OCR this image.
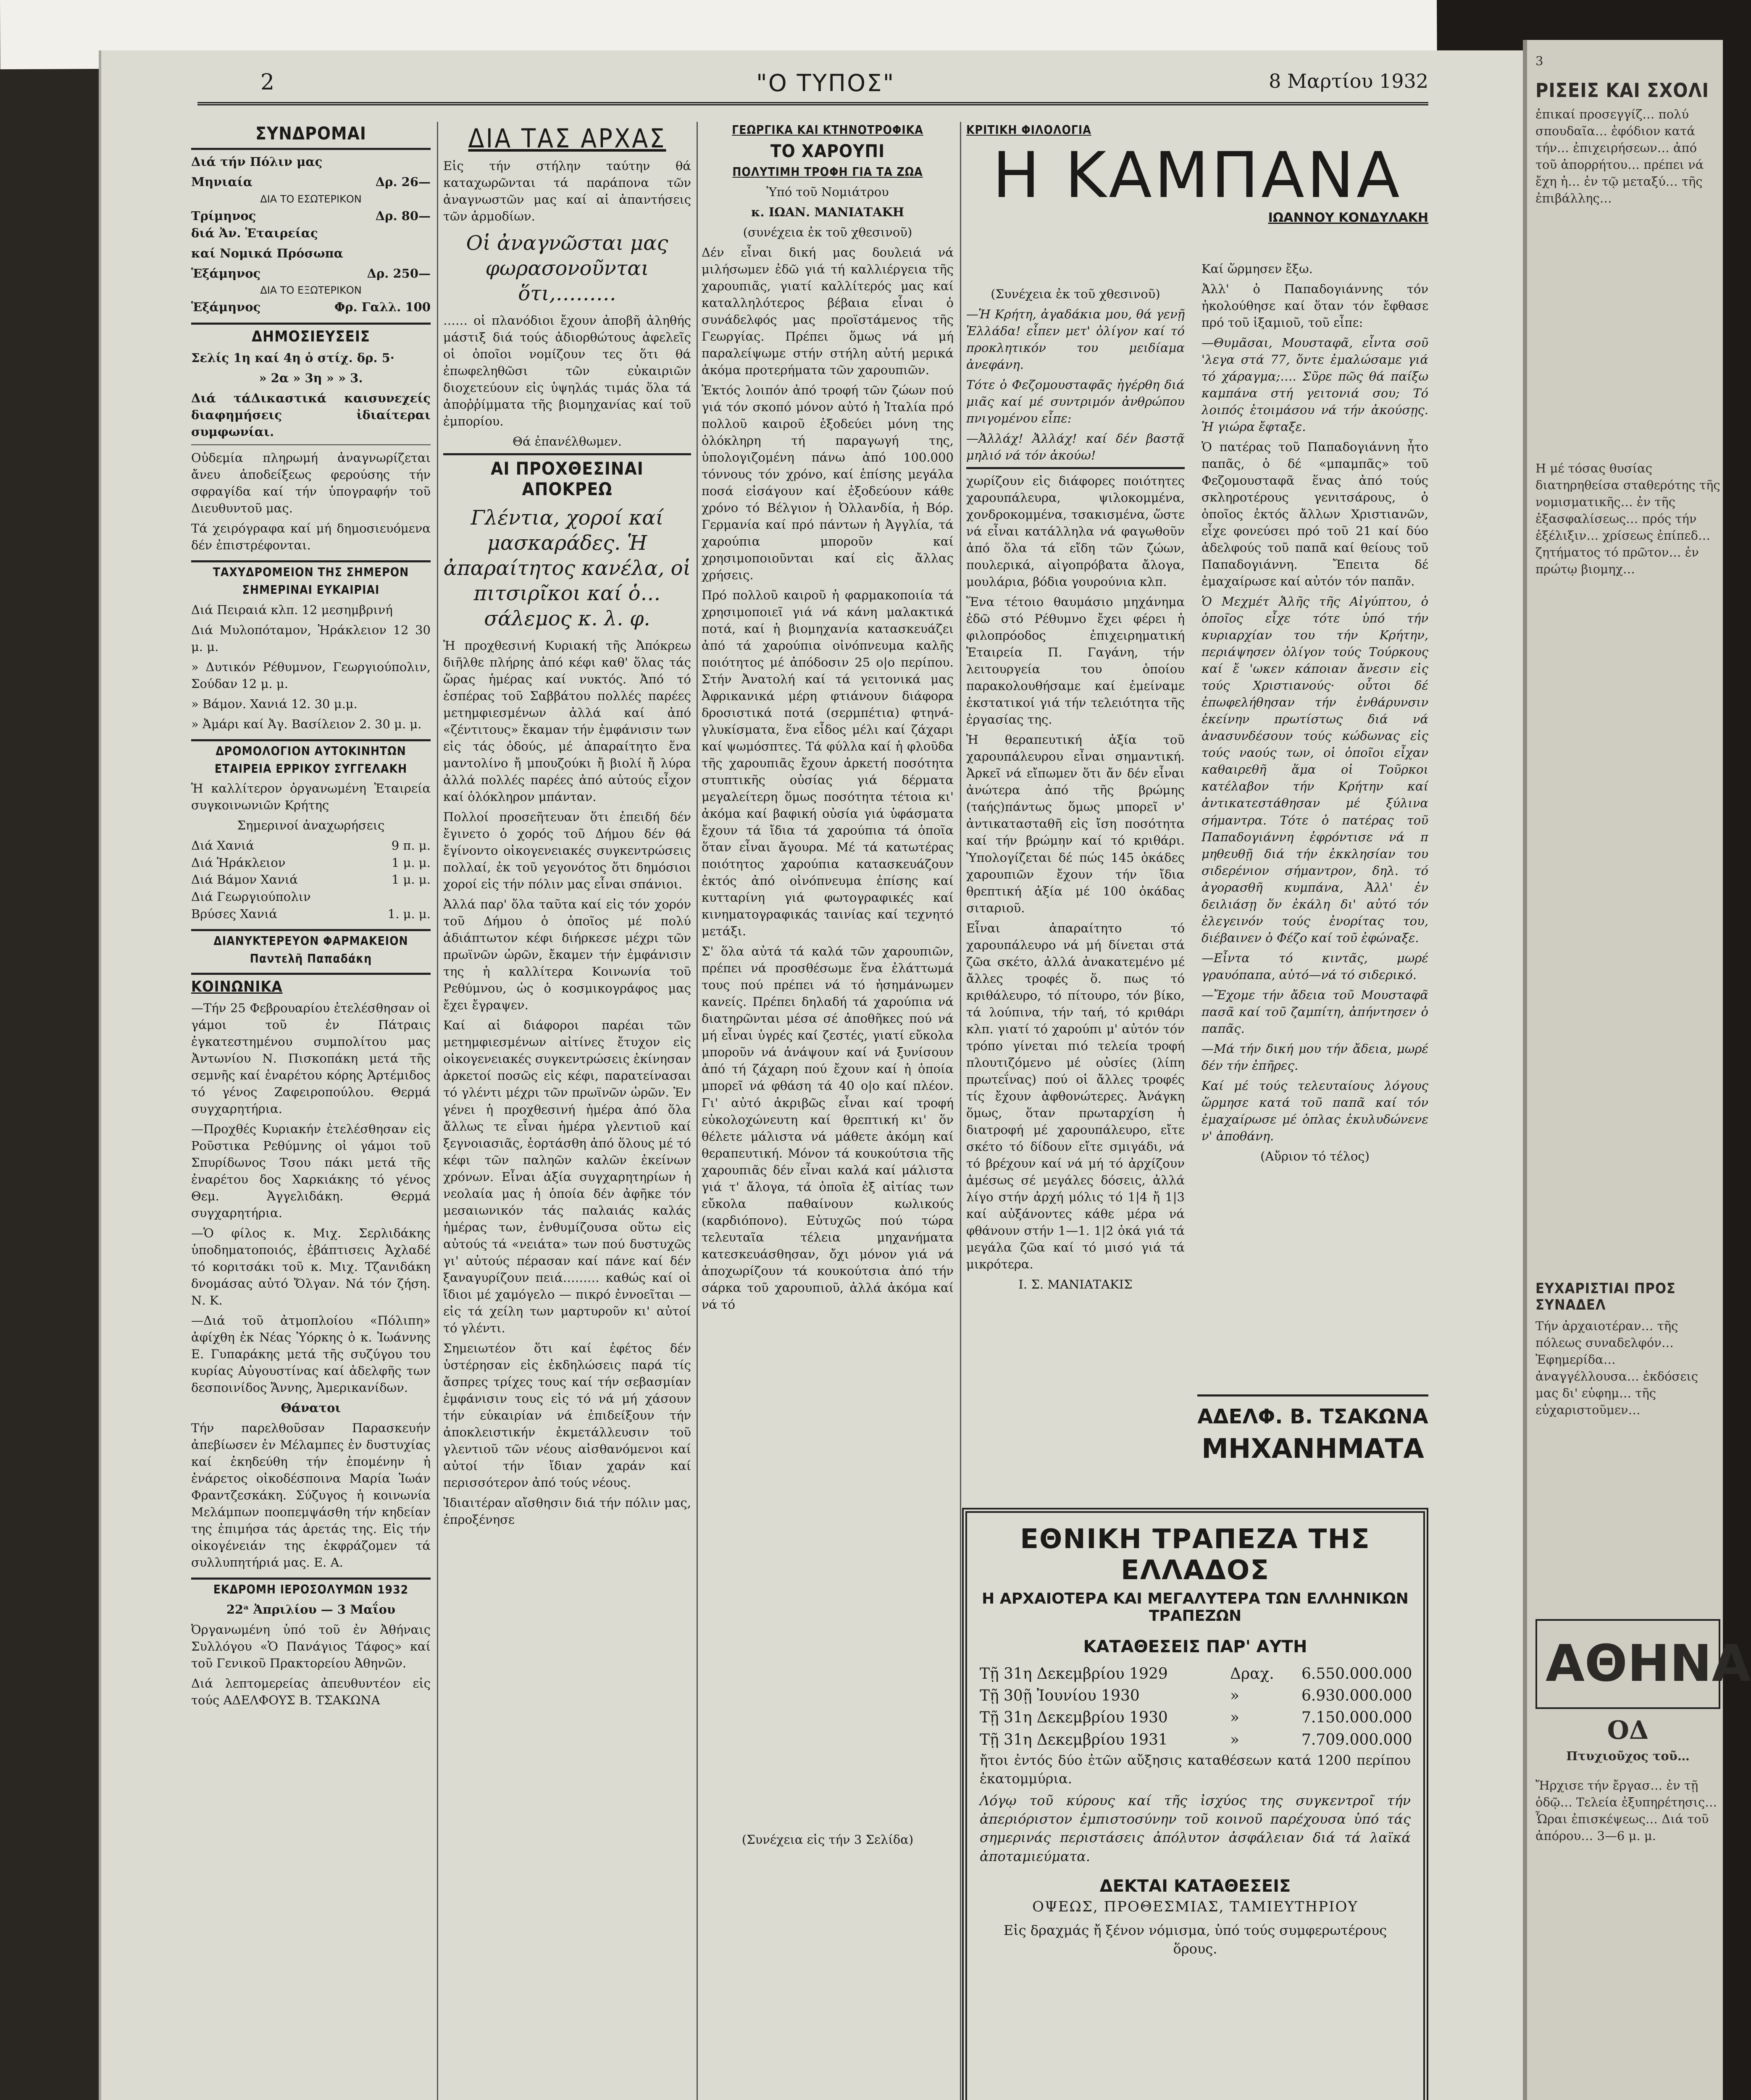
2	"Ο ΤΥΠΟΣ"	8 Μαρτίου 1932
ΣΥΝΔΡΟΜΑΙ

Διά τήν Πόλιν μας

Μηνιαία	Δρ. 26—
ΔΙΑ ΤΟ ΕΣΩΤΕΡΙΚΟΝ
Τρίμηνος	Δρ. 80—

διά Ἀν. Ἑταιρείας

καί Νομικά Πρόσωπα

Ἑξάμηνος	Δρ. 250—
ΔΙΑ ΤΟ ΕΞΩΤΕΡΙΚΟΝ
Ἑξάμηνος	Φρ. Γαλλ. 100
ΔΗΜΟΣΙΕΥΣΕΙΣ

Σελίς 1η καί 4η ὁ στίχ. δρ. 5·

» 2α » 3η » » 3.

Διά τάΔικαστικά καισυνεχείς διαφημήσεις ἰδιαίτεραι συμφωνίαι.

Οὐδεμία πληρωμή ἀναγνωρίζεται ἄνευ ἀποδείξεως φερούσης τήν σφραγίδα καί τήν ὑπογραφήν τοῦ Διευθυντοῦ μας.

Τά χειρόγραφα καί μή δημοσιευόμενα δέν ἐπιστρέφονται.

ΤΑΧΥΔΡΟΜΕΙΟΝ ΤΗΣ ΣΗΜΕΡΟΝ
ΣΗΜΕΡΙΝΑΙ ΕΥΚΑΙΡΙΑΙ

Διά Πειραιά κλπ. 12 μεσημβρινή

Διά Μυλοπόταμον, Ἡράκλειον 12 30 μ. μ.

» Δυτικόν Ρέθυμνον, Γεωργιούπολιν, Σούδαν 12 μ. μ.

» Βάμον. Χανιά 12. 30 μ.μ.

» Ἀμάρι καί Ἀγ. Βασίλειον 2. 30 μ. μ.

ΔΡΟΜΟΛΟΓΙΟΝ ΑΥΤΟΚΙΝΗΤΩΝ
ΕΤΑΙΡΕΙΑ ΕΡΡΙΚΟΥ ΣΥΓΓΕΛΑΚΗ

Ἡ καλλίτερον ὀργανωμένη Ἑταιρεία συγκοινωνιῶν Κρήτης

Σημερινοί ἀναχωρήσεις

Διά Χανιά	9 π. μ.
Διά Ἡράκλειον	1 μ. μ.
Διά Βάμον Χανιά	1 μ. μ.
Διά Γεωργιούπολιν
Βρύσες Χανιά	1. μ. μ.
ΔΙΑΝΥΚΤΕΡΕΥΟΝ ΦΑΡΜΑΚΕΙΟΝ
Παντελῆ Παπαδάκη
ΚΟΙΝΩΝΙΚΑ

—Τήν 25 Φεβρουαρίου ἐτελέσθησαν οἱ γάμοι τοῦ ἐν Πάτραις ἐγκατεστημένου συμπολίτου μας Ἀντωνίου Ν. Πισκοπάκη μετά τῆς σεμνῆς καί ἐναρέτου κόρης Ἀρτέμιδος τό γένος Ζαφειροπούλου. Θερμά συγχαρητήρια.

—Προχθές Κυριακήν ἐτελέσθησαν εἰς Ροῦστικα Ρεθύμνης οἱ γάμοι τοῦ Σπυρίδωνος Τσου πάκι μετά τῆς ἐναρέτου δος Χαρκιάκης τό γένος Θεμ. Ἀγγελιδάκη. Θερμά συγχαρητήρια.

—Ὁ φίλος κ. Μιχ. Σερλιδάκης ὑποδηματοποιός, ἐβάπτισεις Ἀχλαδέ τό κοριτσάκι τοῦ κ. Μιχ. Τζανιδάκη δνομάσας αὐτό Ὄλγαν. Νά τόν ζήση. Ν. Κ.

—Διά τοῦ ἀτμοπλοίου «Πόλιπη» ἀφίχθη ἐκ Νέας Ὑόρκης ὁ κ. Ἰωάννης Ε. Γυπαράκης μετά τῆς συζύγου του κυρίας Αὐγουστίνας καί ἀδελφῆς των δεσποινίδος Ἄννης, Ἀμερικανίδων.

Θάνατοι

Τήν παρελθοῦσαν Παρασκευήν ἀπεβίωσεν ἐν Μέλαμπες ἐν δυστυχίας καί ἐκηδεύθη τήν ἑπομένην ἡ ἐνάρετος οἰκοδέσποινα Μαρία Ἰωάν Φραντζεσκάκη. Σύζυγος ἡ κοινωνία Μελάμπων ποοπεμψάσθη τήν κηδείαν της ἐπιμήσα τάς ἀρετάς της. Εἰς τήν οἰκογένειάν της ἐκφράζομεν τά συλλυπητήριά μας. Ε. Α.

ΕΚΔΡΟΜΗ ΙΕΡΟΣΟΛΥΜΩΝ 1932

22ᵃ Ἀπριλίου — 3 Μαΐου

Ὀργανωμένη ὑπό τοῦ ἐν Ἀθήναις Συλλόγου «Ὁ Πανάγιος Τάφος» καί τοῦ Γενικοῦ Πρακτορείου Ἀθηνῶν.

Διά λεπτομερείας ἀπευθυντέον εἰς τούς ΑΔΕΛΦΟΥΣ Β. ΤΣΑΚΩΝΑ

ΔΙΑ ΤΑΣ ΑΡΧΑΣ

Εἰς τήν στήλην ταύτην θά καταχωρῶνται τά παράπονα τῶν ἀναγνωστῶν μας καί αἱ ἀπαντήσεις τῶν ἁρμοδίων.

Οἱ ἀναγνῶσται μας φωρασονοῦνται ὅτι,………

…… οἱ πλανόδιοι ἔχουν ἀποβῆ ἀληθής μάστιξ διά τούς ἀδιορθώτους ἀφελεῖς οἱ ὁποῖοι νομίζουν τες ὅτι θά ἐπωφεληθῶσι τῶν εὐκαιριῶν διοχετεύουν εἰς ὑψηλάς τιμάς ὅλα τά ἀποῤῥίμματα τῆς βιομηχανίας καί τοῦ ἐμπορίου.

Θά ἐπανέλθωμεν.

ΑΙ ΠΡΟΧΘΕΣΙΝΑΙ ΑΠΟΚΡΕΩ
Γλέντια, χοροί καί μασκαράδες. Ἡ ἀπαραίτητος κανέλα, οἱ πιτσιρῖκοι καί ὁ… σάλεμος κ. λ. φ.

Ἡ προχθεσινή Κυριακή τῆς Ἀπόκρεω διῆλθε πλήρης ἀπό κέφι καθ' ὅλας τάς ὥρας ἡμέρας καί νυκτός. Ἀπό τό ἑσπέρας τοῦ Σαββάτου πολλές παρέες μετημφιεσμένων ἀλλά καί ἀπό «ζέντιτους» ἔκαμαν τήν ἐμφάνισιν των εἰς τάς ὁδούς, μέ ἀπαραίτητο ἕνα μαντολίνο ἤ μπουζούκι ἤ βιολί ἤ λύρα ἀλλά πολλές παρέες ἀπό αὐτούς εἶχον καί ὁλόκληρον μπάνταν.

Πολλοί προσεῆτευαν ὅτι ἐπειδή δέν ἔγινετο ὁ χορός τοῦ Δήμου δέν θά ἔγίνοντο οἰκογενειακές συγκεντρώσεις πολλαί, ἐκ τοῦ γεγονότος ὅτι δημόσιοι χοροί εἰς τήν πόλιν μας εἶναι σπάνιοι.

Ἀλλά παρ' ὅλα ταῦτα καί εἰς τόν χορόν τοῦ Δήμου ὁ ὁποῖος μέ πολύ ἀδιάπτωτον κέφι διήρκεσε μέχρι τῶν πρωϊνῶν ὡρῶν, ἔκαμεν τήν ἐμφάνισιν της ἡ καλλίτερα Κοινωνία τοῦ Ρεθύμνου, ὡς ὁ κοσμικογράφος μας ἔχει ἔγραψεν.

Καί αἱ διάφοροι παρέαι τῶν μετημφιεσμένων αἰτίνες ἔτυχον εἰς οἰκογενειακές συγκεντρώσεις ἐκίνησαν ἀρκετοί ποσῶς εἰς κέφι, παρατείνασαι τό γλέντι μέχρι τῶν πρωϊνῶν ὡρῶν. Ἐν γένει ἡ προχθεσινή ἡμέρα ἀπό ὅλα ἄλλως τε εἶναι ἡμέρα γλεντιοῦ καί ξεγνοιασιᾶς, ἑορτάσθη ἀπό ὅλους μέ τό κέφι τῶν παληῶν καλῶν ἐκείνων χρόνων. Εἶναι ἀξία συγχαρητηρίων ἡ νεολαία μας ἡ ὁποία δέν ἀφῆκε τόν μεσαιωνικόν τάς παλαιάς καλάς ἡμέρας των, ἐνθυμίζουσα οὕτω εἰς αὐτούς τά «νειάτα» των πού δυστυχῶς γι' αὐτούς πέρασαν καί πάνε καί δέν ξαναγυρίζουν πειά……… καθώς καί οἱ ἴδιοι μέ χαμόγελο — πικρό ἐννοεῖται — εἰς τά χείλη των μαρτυροῦν κι' αὐτοί τό γλέντι.

Σημειωτέον ὅτι καί ἐφέτος δέν ὑστέρησαν εἰς ἐκδηλώσεις παρά τίς ἄσπρες τρίχες τους καί τήν σεβασμίαν ἐμφάνισιν τους εἰς τό νά μή χάσουν τήν εὐκαιρίαν νά ἐπιδείξουν τήν ἀποκλειστικήν ἐκμετάλλευσιν τοῦ γλεντιοῦ τῶν νέους αἰσθανόμενοι καί αὐτοί τήν ἴδιαν χαράν καί περισσότερον ἀπό τούς νέους.

Ἰδιαιτέραν αἴσθησιν διά τήν πόλιν μας, ἐπροξένησε

ΓΕΩΡΓΙΚΑ ΚΑΙ ΚΤΗΝΟΤΡΟΦΙΚΑ
ΤΟ ΧΑΡΟΥΠΙ
ΠΟΛΥΤΙΜΗ ΤΡΟΦΗ ΓΙΑ ΤΑ ΖΩΑ

Ὑπό τοῦ Νομιάτρου

κ. ΙΩΑΝ. ΜΑΝΙΑΤΑΚΗ

(συνέχεια ἐκ τοῦ χθεσινοῦ)

Δέν εἶναι δική μας δουλειά νά μιλήσωμεν ἐδῶ γιά τή καλλιέργεια τῆς χαρουπιᾶς, γιατί καλλίτερός μας καί καταλληλότερος βέβαια εἶναι ὁ συνάδελφός μας προϊστάμενος τῆς Γεωργίας. Πρέπει ὅμως νά μή παραλείψωμε στήν στήλη αὐτή μερικά ἀκόμα προτερήματα τῶν χαρουπιῶν.

Ἐκτός λοιπόν ἀπό τροφή τῶν ζώων πού γιά τόν σκοπό μόνον αὐτό ἡ Ἰταλία πρό πολλοῦ καιροῦ ἐξοδεύει μόνη της ὁλόκληρη τή παραγωγή της, ὑπολογιζομένη πάνω ἀπό 100.000 τόννους τόν χρόνο, καί ἐπίσης μεγάλα ποσά εἰσάγουν καί ἐξοδεύουν κάθε χρόνο τό Βέλγιον ἡ Ὀλλανδία, ἡ Βόρ. Γερμανία καί πρό πάντων ἡ Ἀγγλία, τά χαρούπια μποροῦν καί χρησιμοποιοῦνται καί εἰς ἄλλας χρήσεις.

Πρό πολλοῦ καιροῦ ἡ φαρμακοποιία τά χρησιμοποιεῖ γιά νά κάνη μαλακτικά ποτά, καί ἡ βιομηχανία κατασκευάζει ἀπό τά χαρούπια οἰνόπνευμα καλῆς ποιότητος μέ ἀπόδοσιν 25 ο|ο περίπου. Στήν Ἀνατολή καί τά γειτονικά μας Ἀφρικανικά μέρη φτιάνουν διάφορα δροσιστικά ποτά (σερμπέτια) φτηνά-γλυκίσματα, ἕνα εἶδος μέλι καί ζάχαρι καί ψωμόσπτες. Τά φύλλα καί ἡ φλοῦδα τῆς χαρουπιᾶς ἔχουν ἀρκετή ποσότητα στυπτικῆς οὐσίας γιά δέρματα μεγαλείτερη ὅμως ποσότητα τέτοια κι' ἀκόμα καί βαφική οὐσία γιά ὑφάσματα ἔχουν τά ἴδια τά χαρούπια τά ὁποῖα ὅταν εἶναι ἄγουρα. Μέ τά κατωτέρας ποιότητος χαρούπια κατασκευάζουν ἐκτός ἀπό οἰνόπνευμα ἐπίσης καί κυτταρίνη γιά φωτογραφικές καί κινηματογραφικάς ταινίας καί τεχνητό μετάξι.

Σ' ὅλα αὐτά τά καλά τῶν χαρουπιῶν, πρέπει νά προσθέσωμε ἕνα ἐλάττωμά τους πού πρέπει νά τό ἠσημάνωμεν κανείς. Πρέπει δηλαδή τά χαρούπια νά διατηρῶνται μέσα σέ ἀποθῆκες πού νά μή εἶναι ὑγρές καί ζεστές, γιατί εὔκολα μποροῦν νά ἀνάψουν καί νά ξυνίσουν ἀπό τή ζάχαρη πού ἔχουν καί ἡ ὁποία μπορεῖ νά φθάση τά 40 ο|ο καί πλέον. Γι' αὐτό ἀκριβῶς εἶναι καί τροφή εὐκολοχώνευτη καί θρεπτική κι' ὅν θέλετε μάλιστα νά μάθετε ἀκόμη καί θεραπευτική. Μόνον τά κουκούτσια τῆς χαρουπιᾶς δέν εἶναι καλά καί μάλιστα γιά τ' ἄλογα, τά ὁποῖα ἐξ αἰτίας των εὔκολα παθαίνουν κωλικούς (καρδιόπονο). Εὐτυχῶς πού τώρα τελευταῖα τέλεια μηχανήματα κατεσκευάσθησαν, ὄχι μόνον γιά νά ἀποχωρίζουν τά κουκούτσια ἀπό τήν σάρκα τοῦ χαρουπιοῦ, ἀλλά ἀκόμα καί νά τό

ΚΡΙΤΙΚΗ ΦΙΛΟΛΟΓΙΑ
Η ΚΑΜΠΑΝΑ
ΙΩΑΝΝΟΥ ΚΟΝΔΥΛΑΚΗ

(Συνέχεια ἐκ τοῦ χθεσινοῦ)

—Ἡ Κρήτη, ἀγαδάκια μου, θά γενῇ Ἑλλάδα! εἶπεν μετ' ὀλίγον καί τό προκλητικόν του μειδίαμα ἀνεφάνη.

Τότε ὁ Φεζομουσταφᾶς ἠγέρθη διά μιᾶς καί μέ συντριμόν ἀνθρώπου πνιγομένου εἶπε:

—Ἀλλάχ! Ἀλλάχ! καί δέν βαστᾷ μηλιό νά τόν ἀκούω!

χωρίζουν εἰς διάφορες ποιότητες χαρουπάλευρα, ψιλοκομμένα, χονδροκομμένα, τσακισμένα, ὥστε νά εἶναι κατάλληλα νά φαγωθοῦν ἀπό ὅλα τά εἴδη τῶν ζώων, πουλερικά, αἰγοπρόβατα ἄλογα, μουλάρια, βόδια γουρούνια κλπ.

Ἕνα τέτοιο θαυμάσιο μηχάνημα ἐδῶ στό Ρέθυμνο ἔχει φέρει ἡ φιλοπρόοδος ἐπιχειρηματική Ἑταιρεία Π. Γαγάνη, τήν λειτουργεία του ὁποίου παρακολουθήσαμε καί ἐμείναμε ἐκστατικοί γιά τήν τελειότητα τῆς ἐργασίας της.

Ἡ θεραπευτική ἀξία τοῦ χαρουπάλευρου εἶναι σημαντική. Ἀρκεῖ νά εἴπωμεν ὅτι ἄν δέν εἶναι ἀνώτερα ἀπό τῆς βρώμης (ταής)πάντως ὅμως μπορεῖ ν' ἀντικατασταθῆ εἰς ἴση ποσότητα καί τήν βρώμην καί τό κριθάρι. Ὑπολογίζεται δέ πώς 145 ὀκάδες χαρουπιῶν ἔχουν τήν ἴδια θρεπτική ἀξία μέ 100 ὀκάδας σιταριοῦ.

Εἶναι ἀπαραίτητο τό χαρουπάλευρο νά μή δίνεται στά ζῶα σκέτο, ἀλλά ἀνακατεμένο μέ ἄλλες τροφές ὅ. πως τό κριθάλευρο, τό πίτουρο, τόν βίκο, τά λούπινα, τήν ταή, τό κριθάρι κλπ. γιατί τό χαρούπι μ' αὐτόν τόν τρόπο γίνεται πιό τελεία τροφή πλουτιζόμενο μέ οὐσίες (λίπη πρωτεΐνας) πού οἱ ἄλλες τροφές τίς ἔχουν ἀφθονώτερες. Ἀνάγκη ὅμως, ὅταν πρωταρχίση ἡ διατροφή μέ χαρουπάλευρο, εἴτε σκέτο τό δίδουν εἴτε σμιγάδι, νά τό βρέχουν καί νά μή τό ἀρχίζουν ἀμέσως σέ μεγάλες δόσεις, ἀλλά λίγο στήν ἀρχή μόλις τό 1|4 ἤ 1|3 καί αὐξάνοντες κάθε μέρα νά φθάνουν στήν 1—1. 1|2 ὀκά γιά τά μεγάλα ζῶα καί τό μισό γιά τά μικρότερα.

Ι. Σ. ΜΑΝΙΑΤΑΚΙΣ

Καί ὥρμησεν ἔξω.

Ἀλλ' ὁ Παπαδογιάννης τόν ἠκολούθησε καί ὅταν τόν ἔφθασε πρό τοῦ ἱξαμιοῦ, τοῦ εἶπε:

—Θυμᾶσαι, Μουσταφᾶ, εἶντα σοῦ 'λεγα στά 77, ὅντε ἐμαλώσαμε γιά τό χάραγμα;…. Σῦρε πῶς θά παίξω καμπάνα στή γειτονιά σου; Τό λοιπός ἑτοιμάσου νά τήν ἀκούσῃς. Ἡ γιώρα ἔφταξε.

Ὁ πατέρας τοῦ Παπαδογιάννη ἦτο παπᾶς, ὁ δέ «μπαμπᾶς» τοῦ Φεζομουσταφᾶ ἕνας ἀπό τούς σκληροτέρους γενιτσάρους, ὁ ὁποῖος ἐκτός ἄλλων Χριστιανῶν, εἶχε φονεύσει πρό τοῦ 21 καί δύο ἀδελφούς τοῦ παπᾶ καί θείους τοῦ Παπαδογιάννη. Ἔπειτα δέ ἐμαχαίρωσε καί αὐτόν τόν παπᾶν.

Ὁ Μεχμέτ Ἀλῆς τῆς Αἰγύπτου, ὁ ὁποῖος εἶχε τότε ὑπό τήν κυριαρχίαν του τήν Κρήτην, περιάψησεν ὀλίγον τούς Τούρκους καί ἔ 'ωκεν κάποιαν ἄνεσιν εἰς τούς Χριστιανούς· οὗτοι δέ ἐπωφελήθησαν τήν ἐνθάρυνσιν ἐκείνην πρωτίστως διά νά ἀνασυνδέσουν τούς κώδωνας εἰς τούς ναούς των, οἱ ὁποῖοι εἶχαν καθαιρεθῆ ἅμα οἱ Τοῦρκοι κατέλαβον τήν Κρήτην καί ἀντικατεστάθησαν μέ ξύλινα σήμαντρα. Τότε ὁ πατέρας τοῦ Παπαδογιάννη ἐφρόντισε νά π μηθευθῇ διά τήν ἐκκλησίαν του σιδερένιον σήμαντρον, δηλ. τό ἀγορασθῆ κυμπάνα, Ἀλλ' ἐν δειλιάσῃ ὅν ἐκάλη δι' αὐτό τόν ἐλεγεινόν τούς ἐνορίτας του, διέβαινεν ὁ Φέζο καί τοῦ ἐφώναξε.

—Εἶντα τό κιντᾶς, μωρέ γραυόπαπα, αὐτό—νά τό σιδερικό.

—Ἔχομε τήν ἄδεια τοῦ Μουσταφᾶ πασᾶ καί τοῦ ζαμπίτη, ἀπήντησεν ὁ παπᾶς.

—Μά τήν δική μου τήν ἄδεια, μωρέ δέν τήν ἐπῆρες.

Καί μέ τούς τελευταίους λόγους ὥρμησε κατά τοῦ παπᾶ καί τόν ἐμαχαίρωσε μέ ὁπλας ἐκυλυδώνενε ν' ἀποθάνη.

(Αὔριον τό τέλος)

ΑΔΕΛΦ. Β. ΤΣΑΚΩΝΑ
ΜΗΧΑΝΗΜΑΤΑ
ΕΘΝΙΚΗ ΤΡΑΠΕΖΑ ΤΗΣ ΕΛΛΑΔΟΣ
Η ΑΡΧΑΙΟΤΕΡΑ ΚΑΙ ΜΕΓΑΛΥΤΕΡΑ ΤΩΝ ΕΛΛΗΝΙΚΩΝ ΤΡΑΠΕΖΩΝ
ΚΑΤΑΘΕΣΕΙΣ ΠΑΡ' ΑΥΤΗ
Τῇ 31η Δεκεμβρίου 1929	Δραχ.	6.550.000.000
Τῇ 30ῇ Ἰουνίου 1930	»	6.930.000.000
Τῇ 31η Δεκεμβρίου 1930	»	7.150.000.000
Τῇ 31η Δεκεμβρίου 1931	»	7.709.000.000

ἤτοι ἐντός δύο ἐτῶν αὔξησις καταθέσεων κατά 1200 περίπου ἑκατομμύρια.

Λόγῳ τοῦ κύρους καί τῆς ἰσχύος της συγκεντροῖ τήν ἀπεριόριστον ἐμπιστοσύνην τοῦ κοινοῦ παρέχουσα ὑπό τάς σημερινάς περιστάσεις ἀπόλυτον ἀσφάλειαν διά τά λαϊκά ἀποταμιεύματα.

ΔΕΚΤΑΙ ΚΑΤΑΘΕΣΕΙΣ
ΟΨΕΩΣ, ΠΡΟΘΕΣΜΙΑΣ, ΤΑΜΙΕΥΤΗΡΙΟΥ

Εἰς δραχμάς ἤ ξένον νόμισμα, ὑπό τούς συμφερωτέρους ὅρους.

(Συνέχεια εἰς τήν 3 Σελίδα)

3
ΡΙΣΕΙΣ ΚΑΙ ΣΧΟΛΙ
ἐπικαί προσεγγίζ… πολύ σπουδαῖα… ἐφόδιον κατά τήν… ἐπιχειρήσεων… ἀπό τοῦ ἀπορρήτου… πρέπει νά ἔχη ἡ… ἐν τῷ μεταξύ… τῆς ἐπιβάλλης…
Η μέ τόσας θυσίας διατηρηθείσα σταθερότης τῆς νομισματικῆς… ἐν τῆς ἐξασφαλίσεως… πρός τήν ἐξέλιξιν… χρίσεως ἐπίπεδ… ζητήματος τό πρῶτον… ἐν πρώτῳ βιομηχ…
ΕΥΧΑΡΙΣΤΙΑΙ ΠΡΟΣ ΣΥΝΑΔΕΛ
Τήν ἀρχαιοτέραν… τῆς πόλεως συναδελφόν… Ἐφημερίδα… ἀναγγέλλουσα… ἐκδόσεις μας δι' εὐφημ… τῆς εὐχαριστοῦμεν…
ΑΘΗΝΑ
ΟΔ
Πτυχιοῦχος τοῦ…
Ἤρχισε τήν ἔργασ… ἐν τῇ ὁδῷ… Τελεία ἐξυπηρέτησις… Ὧραι ἐπισκέψεως… Διά τοῦ ἀπόρου… 3—6 μ. μ.
